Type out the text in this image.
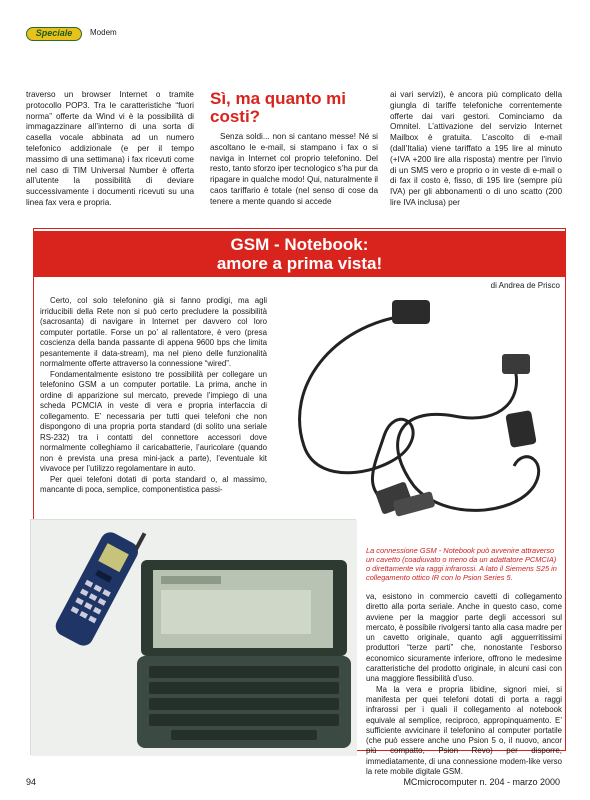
Speciale	Modem

traverso un browser Internet o tramite protocollo POP3. Tra le caratteristiche “fuori norma” offerte da Wind vi è la possibilità di immagazzinare all’interno di una sorta di casella vocale abbinata ad un numero telefonico addizionale (e per il tempo massimo di una settimana) i fax ricevuti come nel caso di TIM Universal Number è offerta all’utente la possibilità di deviare successivamente i documenti ricevuti su una linea fax vera e propria.

Sì, ma quanto mi costi?

Senza soldi... non si cantano messe! Né si ascoltano le e-mail, si stampano i fax o si naviga in Internet col proprio telefonino. Del resto, tanto sforzo iper tecnologico s’ha pur da ripagare in qualche modo! Qui, naturalmente il caos tariffario è totale (nel senso di cose da tenere a mente quando si accede

ai vari servizi), è ancora più complicato della giungla di tariffe telefoniche correntemente offerte dai vari gestori. Cominciamo da Omnitel. L’attivazione del servizio Internet Mailbox è gratuita. L’ascolto di e-mail (dall’Italia) viene tariffato a 195 lire al minuto (+IVA +200 lire alla risposta) mentre per l’invio di un SMS vero e proprio o in veste di e-mail o di fax il costo è, fisso, di 195 lire (sempre più IVA) per gli abbonamenti o di uno scatto (200 lire IVA inclusa) per

GSM - Notebook:
amore a prima vista!
di Andrea de Prisco

Certo, col solo telefonino già si fanno prodigi, ma agli irriducibili della Rete non si può certo precludere la possibilità (sacrosanta) di navigare in Internet per davvero col loro computer portatile. Forse un po’ al rallentatore, è vero (presa coscienza della banda passante di appena 9600 bps che limita pesantemente il data-stream), ma nel pieno delle funzionalità normalmente offerte attraverso la connessione “wired”.

Fondamentalmente esistono tre possibilità per collegare un telefonino GSM a un computer portatile. La prima, anche in ordine di apparizione sul mercato, prevede l’impiego di una scheda PCMCIA in veste di vera e propria interfaccia di collegamento. E’ necessaria per tutti quei telefoni che non dispongono di una propria porta standard (di solito una seriale RS-232) tra i contatti del connettore accessori dove normalmente colleghiamo il caricabatterie, l’auricolare (quando non è prevista una presa mini-jack a parte), l’eventuale kit vivavoce per l’utilizzo regolamentare in auto.

Per quei telefoni dotati di porta standard o, al massimo, mancante di poca, semplice, componentistica passi-

La connessione GSM - Notebook può avvenire attraverso un cavetto (coadiuvato o meno da un adattatore PCMCIA) o direttamente via raggi infrarossi. A lato il Siemens S25 in collegamento ottico IR con lo Psion Series 5.

va, esistono in commercio cavetti di collegamento diretto alla porta seriale. Anche in questo caso, come avviene per la maggior parte degli accessori sul mercato, è possibile rivolgersi tanto alla casa madre per un cavetto originale, quanto agli agguerritissimi produttori “terze parti” che, nonostante l’esborso economico sicuramente inferiore, offrono le medesime caratteristiche del prodotto originale, in alcuni casi con una maggiore flessibilità d’uso.

Ma la vera e propria libidine, signori miei, si manifesta per quei telefoni dotati di porta a raggi infrarossi per i quali il collegamento al notebook equivale al semplice, reciproco, appropinquamento. E’ sufficiente avvicinare il telefonino al computer portatile (che può essere anche uno Psion 5 o, il nuovo, ancor più compatto, Psion Revo) per disporre, immediatamente, di una connessione modem-like verso la rete mobile digitale GSM.

94	MCmicrocomputer n. 204 - marzo 2000
